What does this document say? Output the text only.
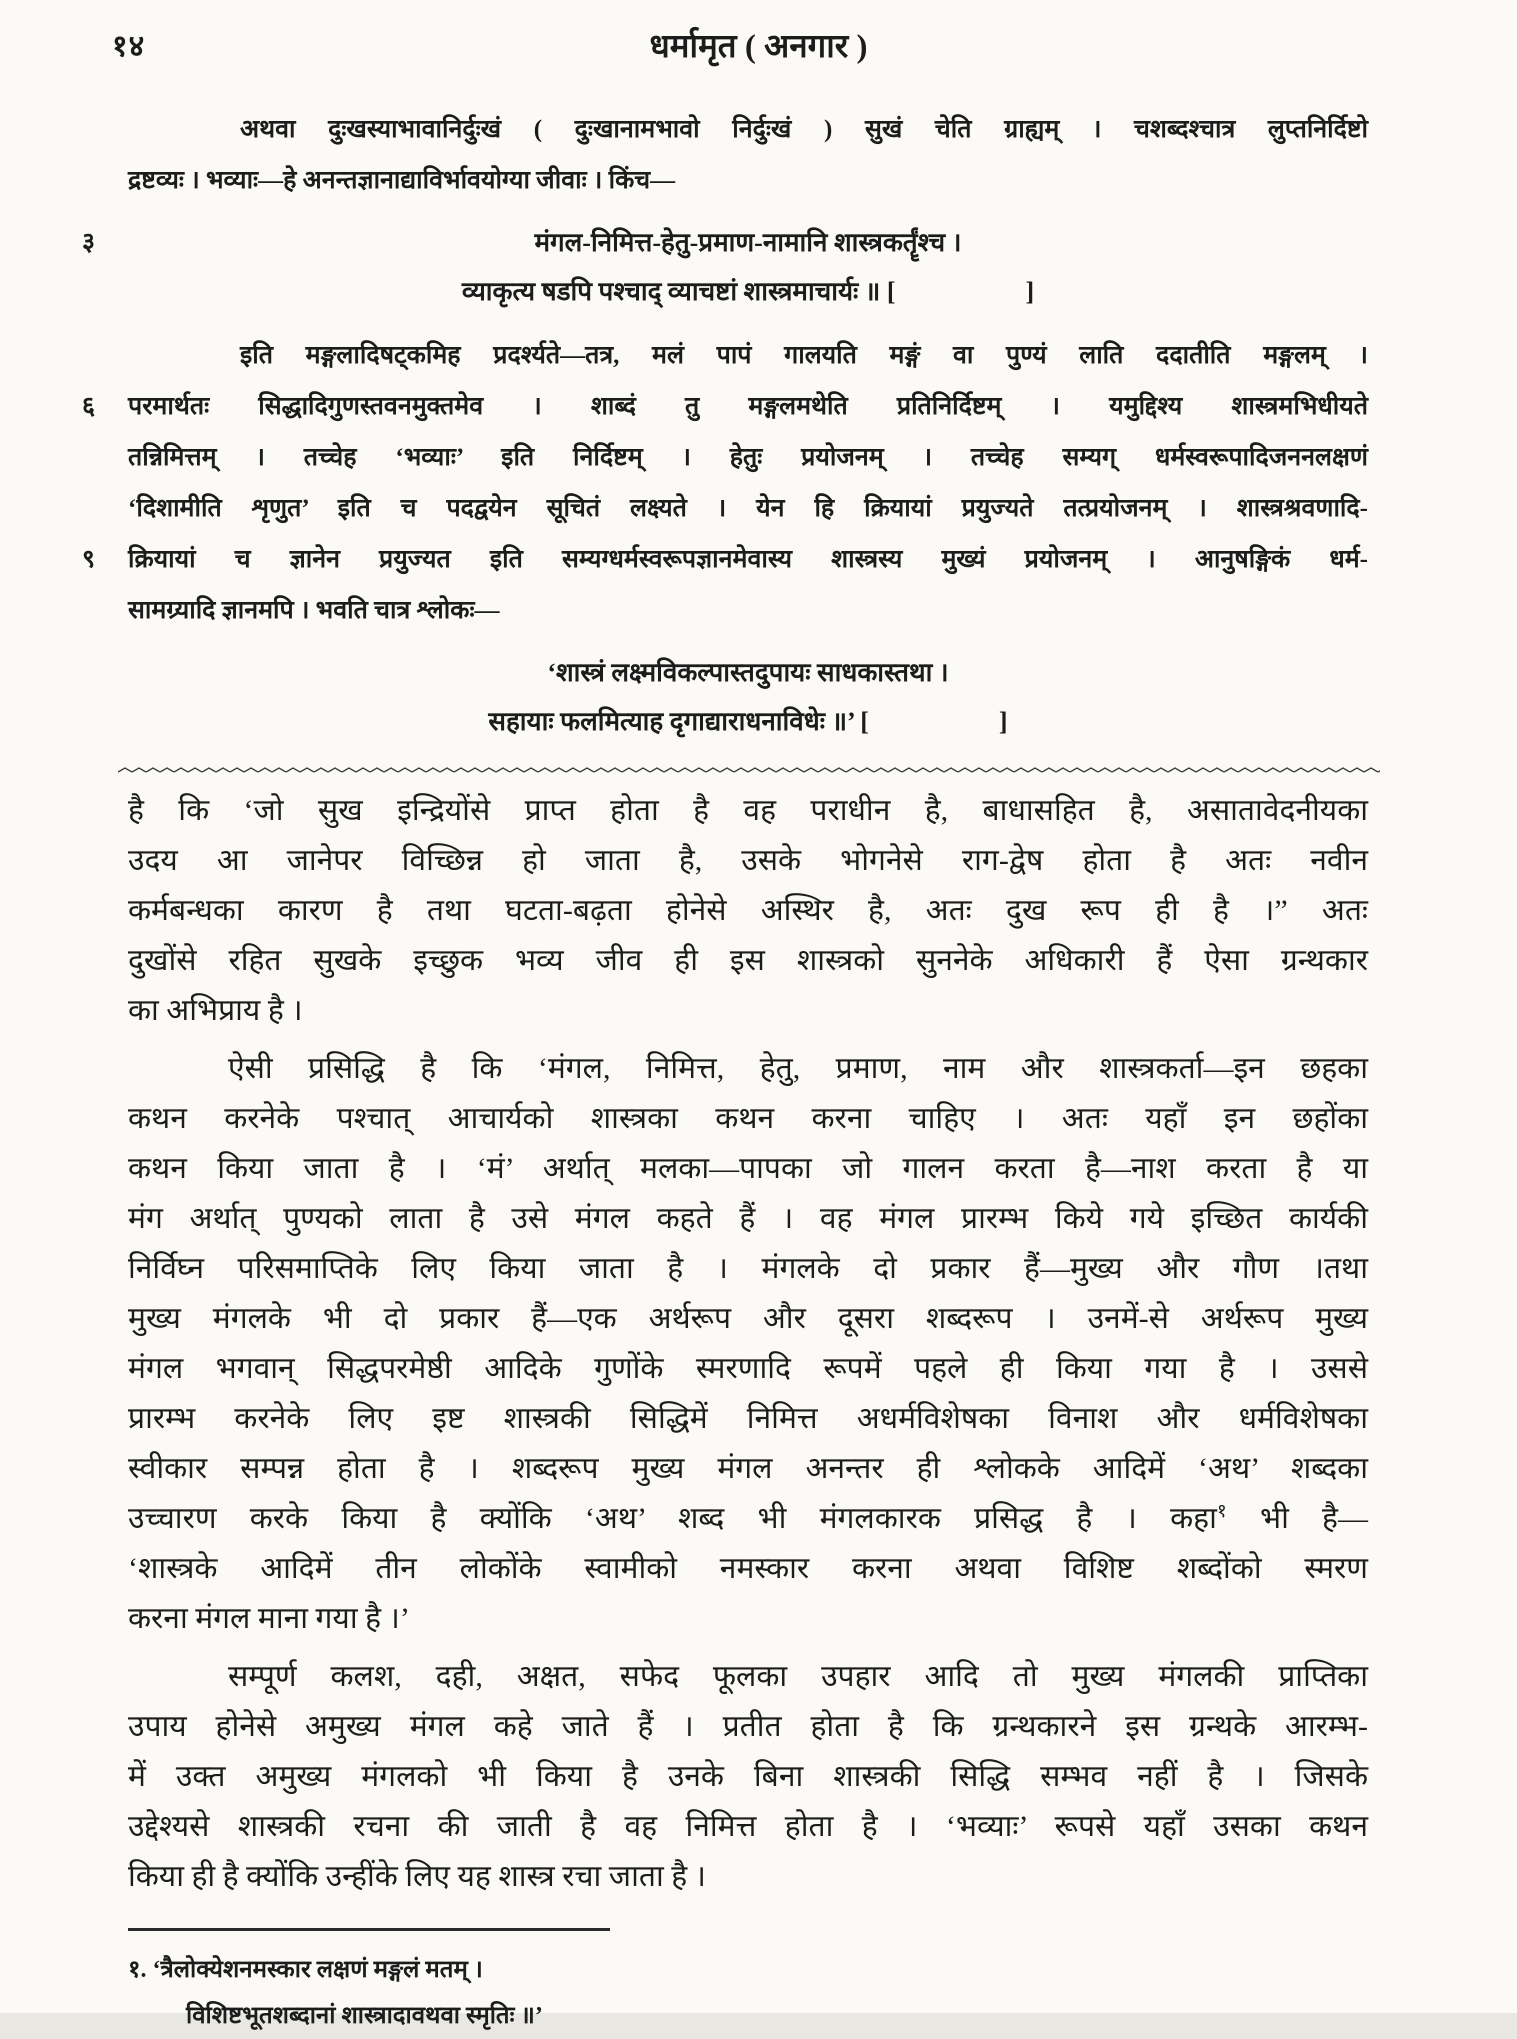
१४	धर्मामृत ( अनगार )
अथवा दुःखस्याभावानिर्दुःखं ( दुःखानामभावो निर्दुःखं ) सुखं चेति ग्राह्यम् । चशब्दश्चात्र लुप्तनिर्दिष्टो
द्रष्टव्यः । भव्याः—हे अनन्तज्ञानाद्याविर्भावयोग्या जीवाः । किंच—
३	मंगल-निमित्त-हेतु-प्रमाण-नामानि शास्त्रकर्तॄंश्च ।
व्याकृत्य षडपि पश्चाद् व्याचष्टां शास्त्रमाचार्यः ॥ [     ]
इति मङ्गलादिषट्कमिह प्रदर्श्यते—तत्र, मलं पापं गालयति मङ्गं वा पुण्यं लाति ददातीति मङ्गलम् ।
६ परमार्थतः सिद्धादिगुणस्तवनमुक्तमेव । शाब्दं तु मङ्गलमथेति प्रतिनिर्दिष्टम् । यमुद्दिश्य शास्त्रमभिधीयते
तन्निमित्तम् । तच्चेह ‘भव्याः’ इति निर्दिष्टम् । हेतुः प्रयोजनम् । तच्चेह सम्यग् धर्मस्वरूपादिजननलक्षणं
‘दिशामीति शृणुत’ इति च पदद्वयेन सूचितं लक्ष्यते । येन हि क्रियायां प्रयुज्यते तत्प्रयोजनम् । शास्त्रश्रवणादि-
९ क्रियायां च ज्ञानेन प्रयुज्यत इति सम्यग्धर्मस्वरूपज्ञानमेवास्य शास्त्रस्य मुख्यं प्रयोजनम् । आनुषङ्गिकं धर्म-
सामग्र्यादि ज्ञानमपि । भवति चात्र श्लोकः—
‘शास्त्रं लक्ष्मविकल्पास्तदुपायः साधकास्तथा ।
सहायाः फलमित्याह दृगाद्याराधनाविधेः ॥’ [     ]
है कि ‘जो सुख इन्द्रियोंसे प्राप्त होता है वह पराधीन है, बाधासहित है, असातावेदनीयका
उदय आ जानेपर विच्छिन्न हो जाता है, उसके भोगनेसे राग-द्वेष होता है अतः नवीन
कर्मबन्धका कारण है तथा घटता-बढ़ता होनेसे अस्थिर है, अतः दुख रूप ही है ।” अतः
दुखोंसे रहित सुखके इच्छुक भव्य जीव ही इस शास्त्रको सुननेके अधिकारी हैं ऐसा ग्रन्थकार
का अभिप्राय है ।
ऐसी प्रसिद्धि है कि ‘मंगल, निमित्त, हेतु, प्रमाण, नाम और शास्त्रकर्ता—इन छहका
कथन करनेके पश्चात् आचार्यको शास्त्रका कथन करना चाहिए । अतः यहाँ इन छहोंका
कथन किया जाता है । ‘मं’ अर्थात् मलका—पापका जो गालन करता है—नाश करता है या
मंग अर्थात् पुण्यको लाता है उसे मंगल कहते हैं । वह मंगल प्रारम्भ किये गये इच्छित कार्यकी
निर्विघ्न परिसमाप्तिके लिए किया जाता है । मंगलके दो प्रकार हैं—मुख्य और गौण ।तथा
मुख्य मंगलके भी दो प्रकार हैं—एक अर्थरूप और दूसरा शब्दरूप । उनमें-से अर्थरूप मुख्य
मंगल भगवान् सिद्धपरमेष्ठी आदिके गुणोंके स्मरणादि रूपमें पहले ही किया गया है । उससे
प्रारम्भ करनेके लिए इष्ट शास्त्रकी सिद्धिमें निमित्त अधर्मविशेषका विनाश और धर्मविशेषका
स्वीकार सम्पन्न होता है । शब्दरूप मुख्य मंगल अनन्तर ही श्लोकके आदिमें ‘अथ’ शब्दका
उच्चारण करके किया है क्योंकि ‘अथ’ शब्द भी मंगलकारक प्रसिद्ध है । कहा$^१$ भी है—
‘शास्त्रके आदिमें तीन लोकोंके स्वामीको नमस्कार करना अथवा विशिष्ट शब्दोंको स्मरण
करना मंगल माना गया है ।’
सम्पूर्ण कलश, दही, अक्षत, सफेद फूलका उपहार आदि तो मुख्य मंगलकी प्राप्तिका
उपाय होनेसे अमुख्य मंगल कहे जाते हैं । प्रतीत होता है कि ग्रन्थकारने इस ग्रन्थके आरम्भ-
में उक्त अमुख्य मंगलको भी किया है उनके बिना शास्त्रकी सिद्धि सम्भव नहीं है । जिसके
उद्देश्यसे शास्त्रकी रचना की जाती है वह निमित्त होता है । ‘भव्याः’ रूपसे यहाँ उसका कथन
किया ही है क्योंकि उन्हींके लिए यह शास्त्र रचा जाता है ।
१. ‘त्रैलोक्येशनमस्कार लक्षणं मङ्गलं मतम् ।
विशिष्टभूतशब्दानां शास्त्रादावथवा स्मृतिः ॥’
